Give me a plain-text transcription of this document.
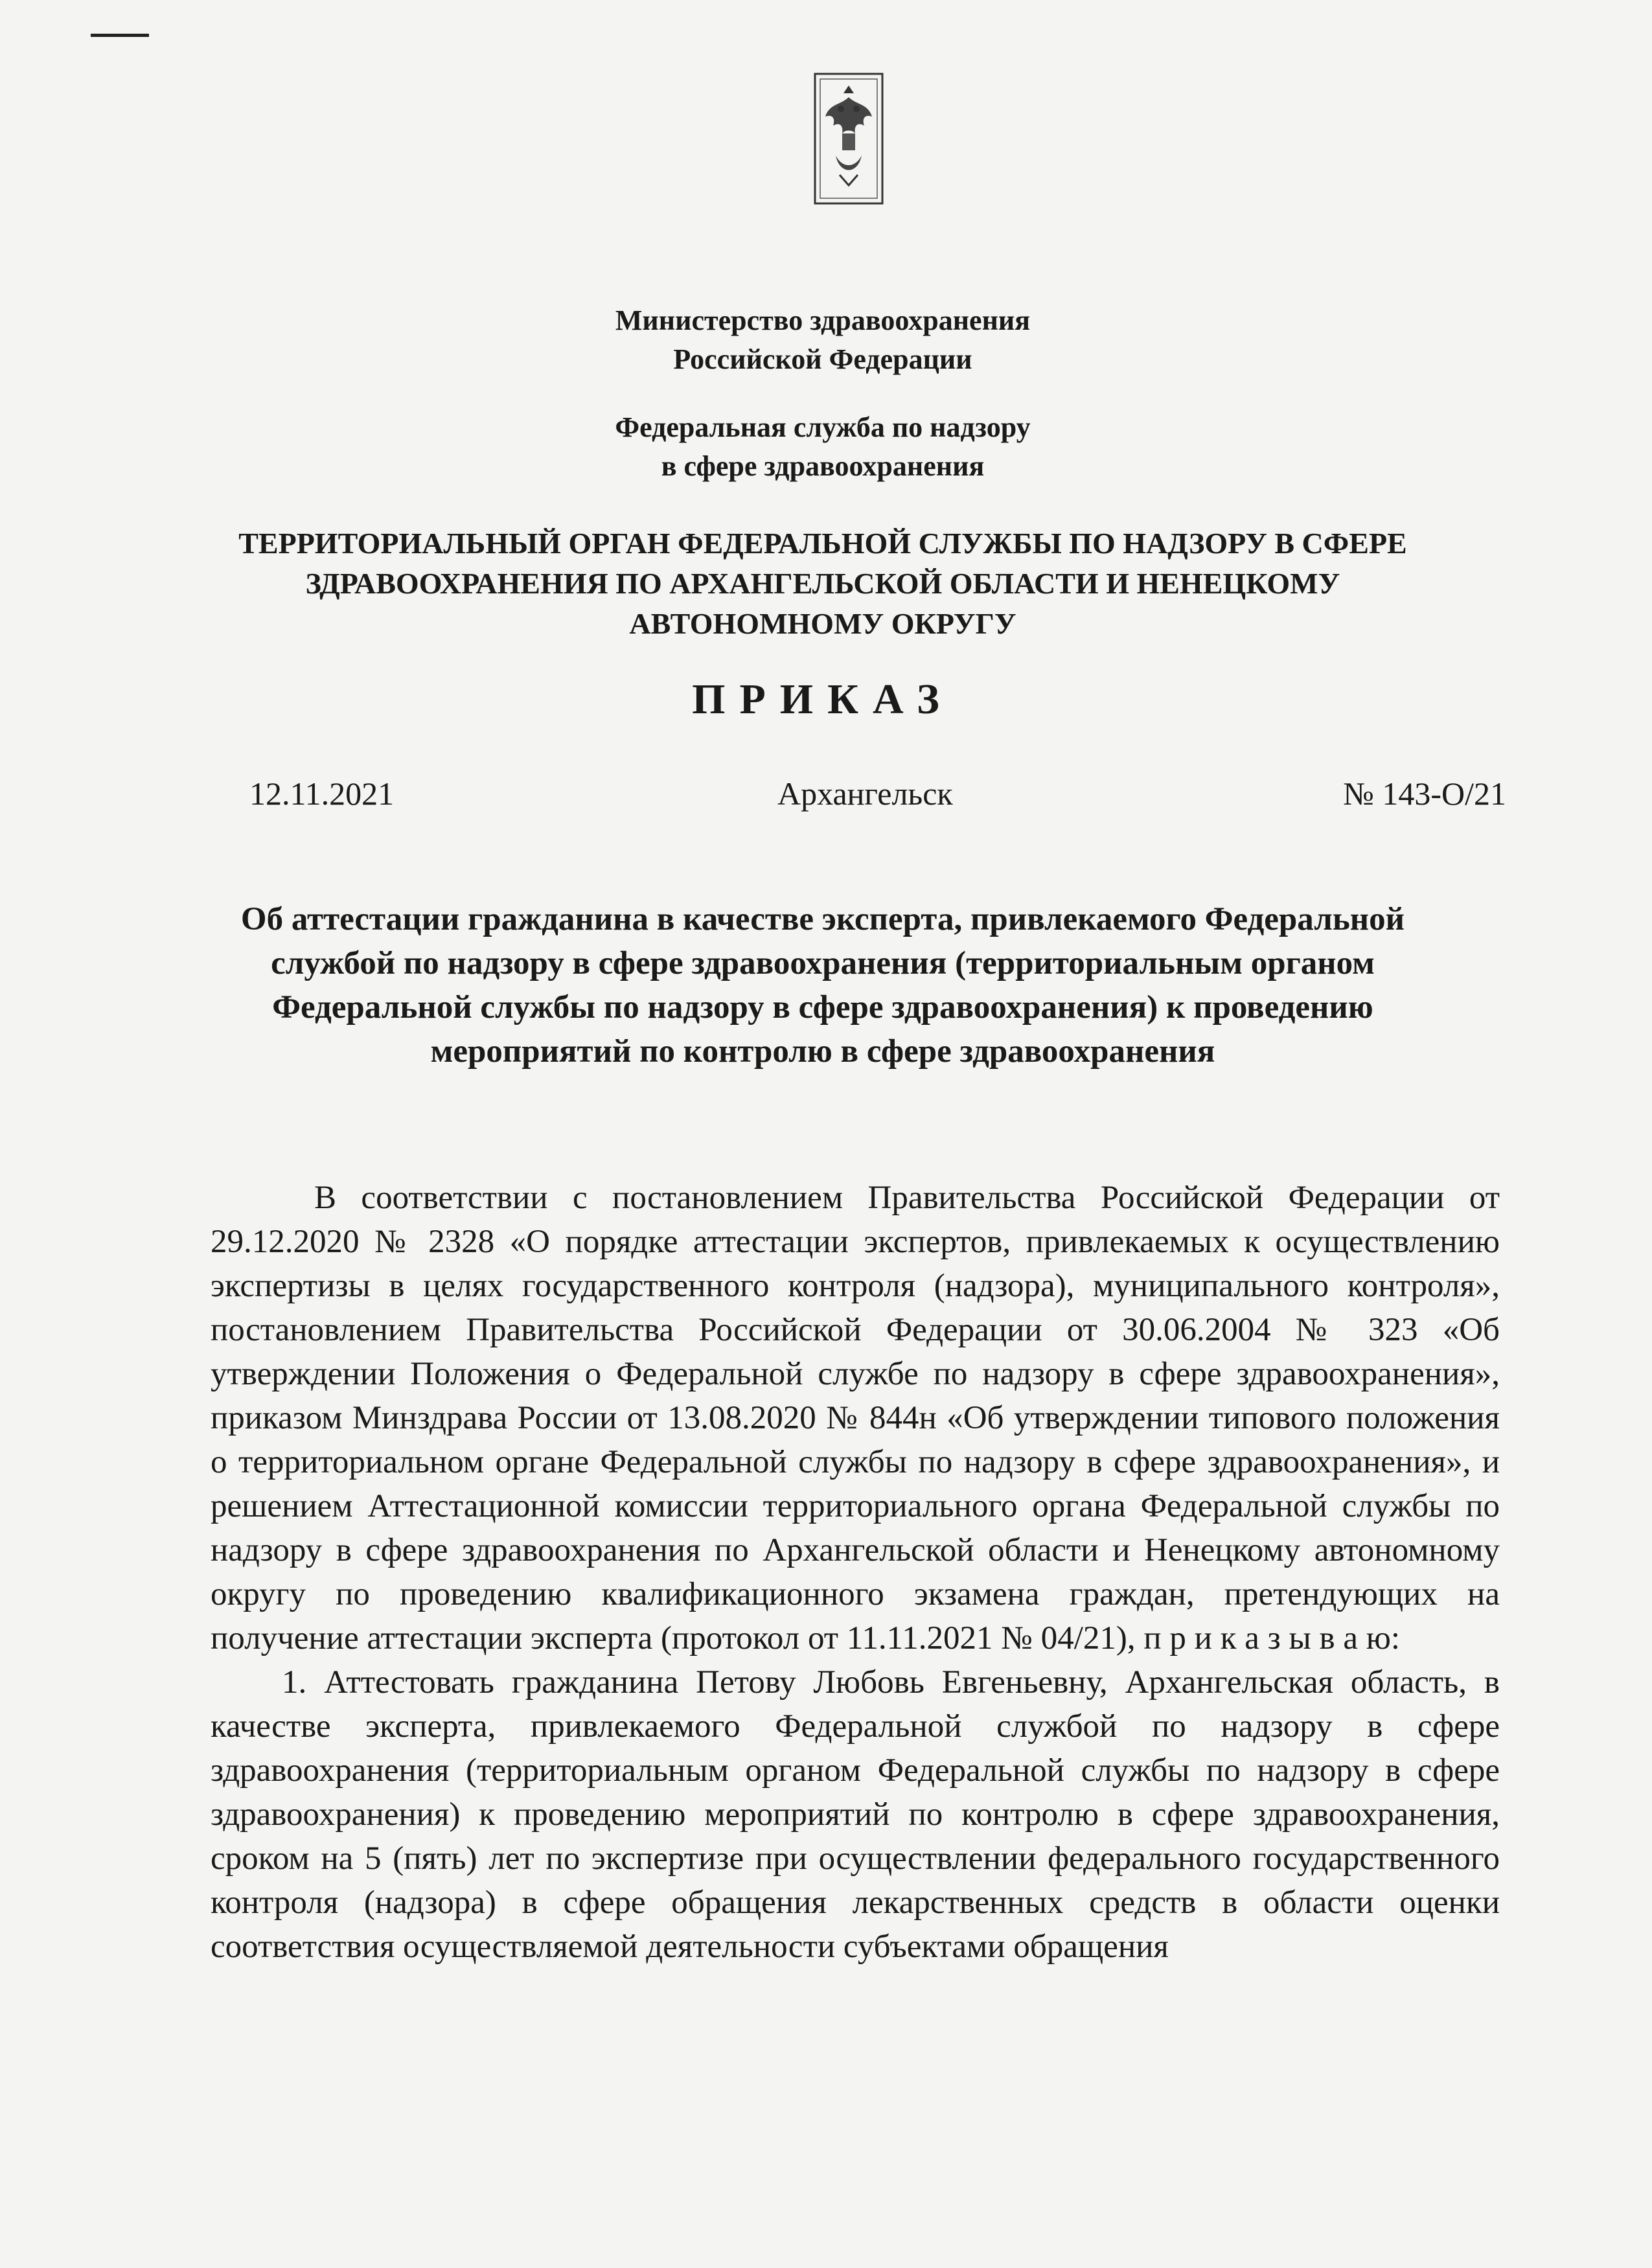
Министерство здравоохранения
Российской Федерации
Федеральная служба по надзору
в сфере здравоохранения
ТЕРРИТОРИАЛЬНЫЙ ОРГАН ФЕДЕРАЛЬНОЙ СЛУЖБЫ ПО НАДЗОРУ В СФЕРЕ ЗДРАВООХРАНЕНИЯ ПО АРХАНГЕЛЬСКОЙ ОБЛАСТИ И НЕНЕЦКОМУ АВТОНОМНОМУ ОКРУГУ
ПРИКАЗ
12.11.2021	Архангельск	№ 143-О/21
Об аттестации гражданина в качестве эксперта, привлекаемого Федеральной службой по надзору в сфере здравоохранения (территориальным органом Федеральной службы по надзору в сфере здравоохранения) к проведению мероприятий по контролю в сфере здравоохранения

В соответствии с постановлением Правительства Российской Федерации от 29.12.2020 № 2328 «О порядке аттестации экспертов, привлекаемых к осуществлению экспертизы в целях государственного контроля (надзора), муниципального контроля», постановлением Правительства Российской Федерации от 30.06.2004 № 323 «Об утверждении Положения о Федеральной службе по надзору в сфере здравоохранения», приказом Минздрава России от 13.08.2020 № 844н «Об утверждении типового положения о территориальном органе Федеральной службы по надзору в сфере здравоохранения», и решением Аттестационной комиссии территориального органа Федеральной службы по надзору в сфере здравоохранения по Архангельской области и Ненецкому автономному округу по проведению квалификационного экзамена граждан, претендующих на получение аттестации эксперта (протокол от 11.11.2021 № 04/21), п р и к а з ы в а ю:

1. Аттестовать гражданина Петову Любовь Евгеньевну, Архангельская область, в качестве эксперта, привлекаемого Федеральной службой по надзору в сфере здравоохранения (территориальным органом Федеральной службы по надзору в сфере здравоохранения) к проведению мероприятий по контролю в сфере здравоохранения, сроком на 5 (пять) лет по экспертизе при осуществлении федерального государственного контроля (надзора) в сфере обращения лекарственных средств в области оценки соответствия осуществляемой деятельности субъектами обращения
